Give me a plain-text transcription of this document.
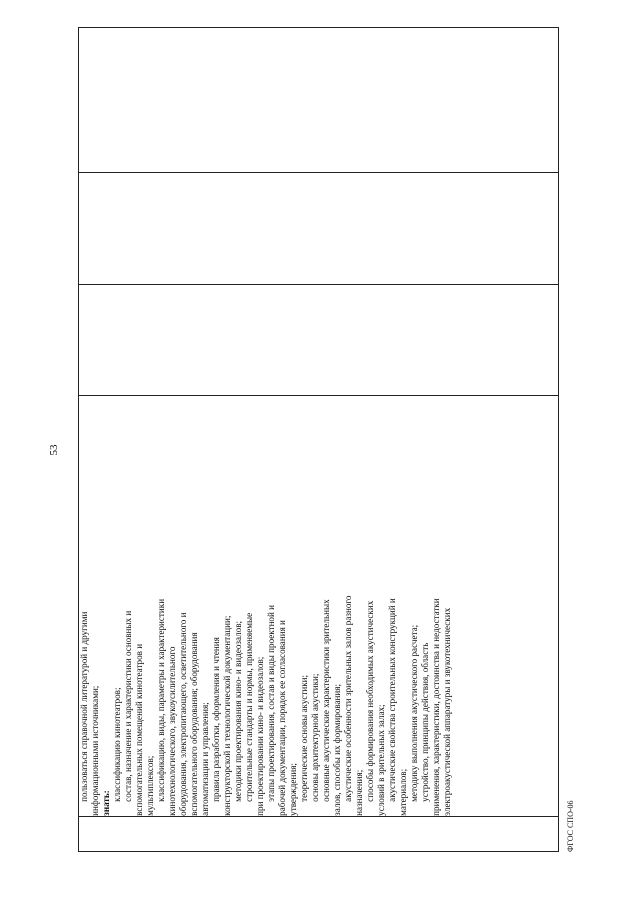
53

пользоваться справочной литературой и другими информационными источниками; знать:
классификацию кинотеатров; состав, назначение и характеристики основных и вспомогательных помещений кинотеатров и мультиплексов; классификацию, виды, параметры и характеристики кинотехнологического, звукоусилительного оборудования, электропитающего, осветительного и вспомогательного оборудования; оборудования автоматизации и управления; правила разработки, оформления и чтения конструкторской и технологической документации; методики проектирования кино- и видеозалов; строительные стандарты и нормы, применяемые при проектировании кино- и видеозалов; этапы проектирования, состав и виды проектной и рабочей документации, порядок ее согласования и утверждения; теоретические основы акустики; основы архитектурной акустики; основные акустические характеристики зрительных залов, способы их формирования; акустические особенности зрительных залов разного назначения; способы формирования необходимых акустических условий в зрительных залах; акустические свойства строительных конструкций и материалов; методику выполнения акустического расчета; устройство, принципы действия, область применения, характеристики, достоинства и недостатки электроакустической аппаратуры и звукотехнических

ФГОС СПО-06
